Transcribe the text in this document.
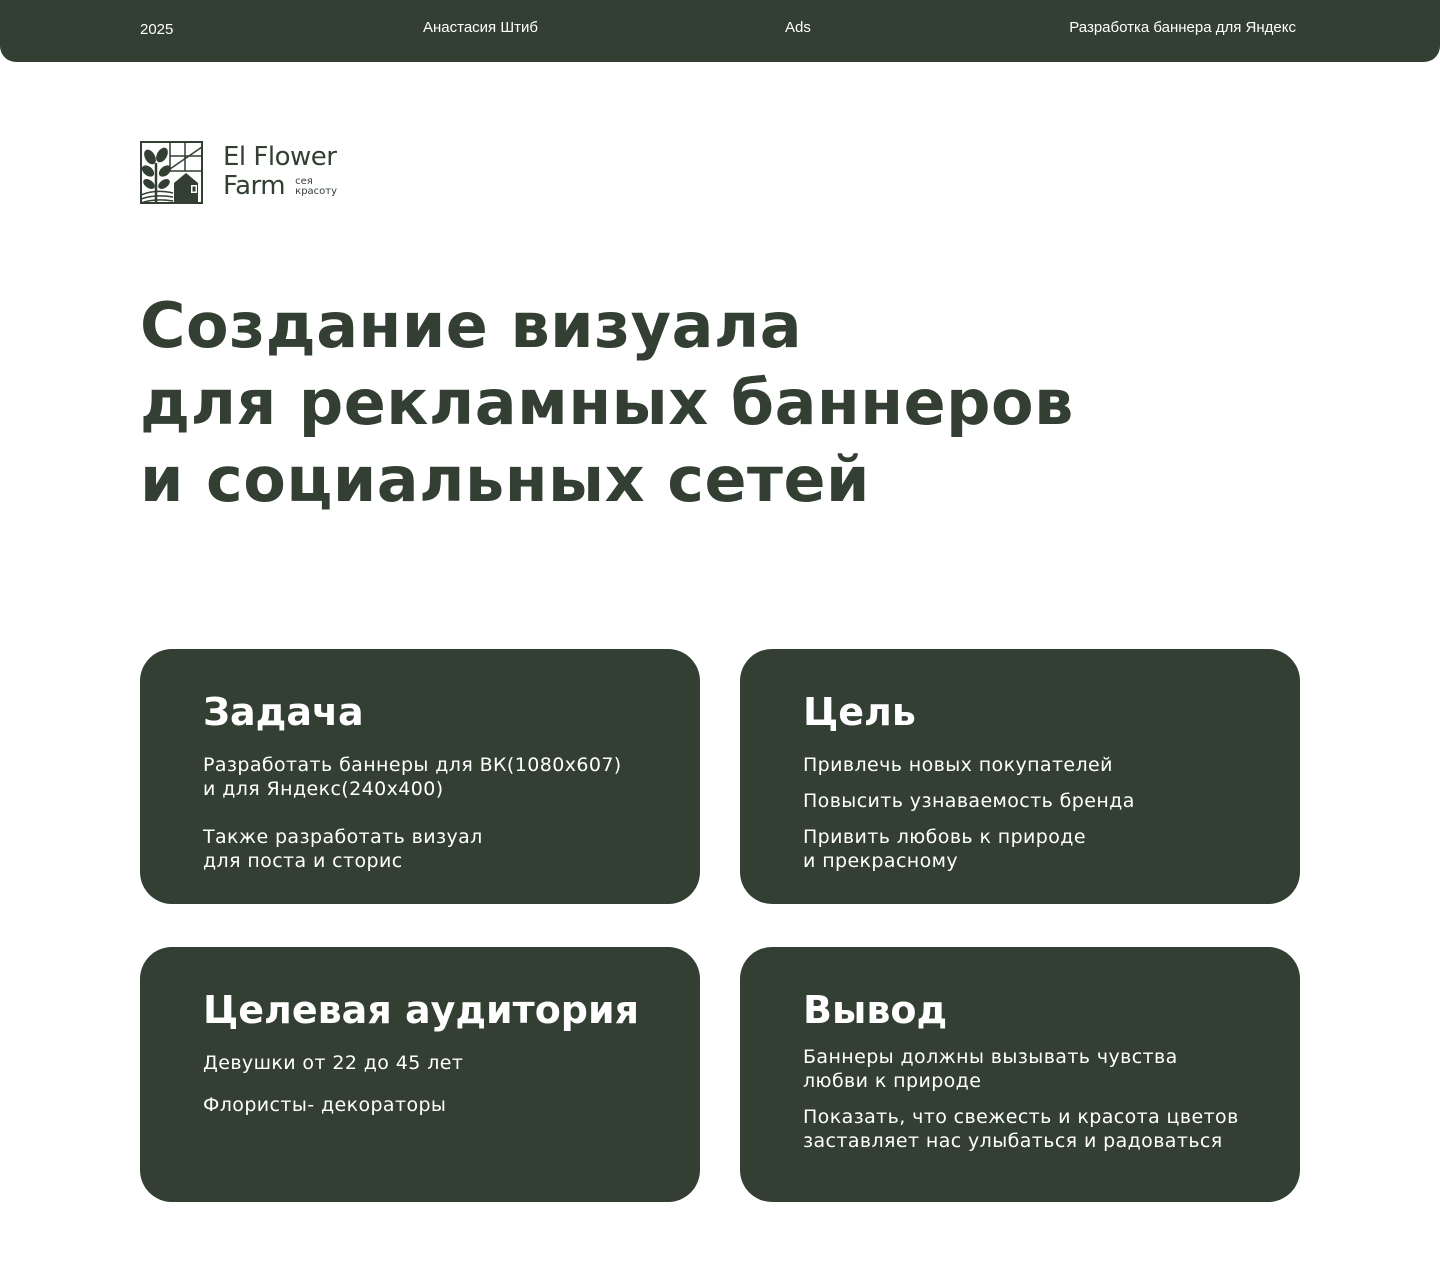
2025	Анастасия Штиб	Ads	Разработка баннера для Яндекс
El Flower
Farm сея
красоту
Создание визуала
для рекламных баннеров
и социальных сетей
Задача

Разработать баннеры для ВК(1080х607)
и для Яндекс(240х400)

Также разработать визуал
для поста и сторис

Цель

Привлечь новых покупателей

Повысить узнаваемость бренда

Привить любовь к природе
и прекрасному

Целевая аудитория

Девушки от 22 до 45 лет

Флористы- декораторы

Вывод

Баннеры должны вызывать чувства
любви к природе

Показать, что свежесть и красота цветов
заставляет нас улыбаться и радоваться
